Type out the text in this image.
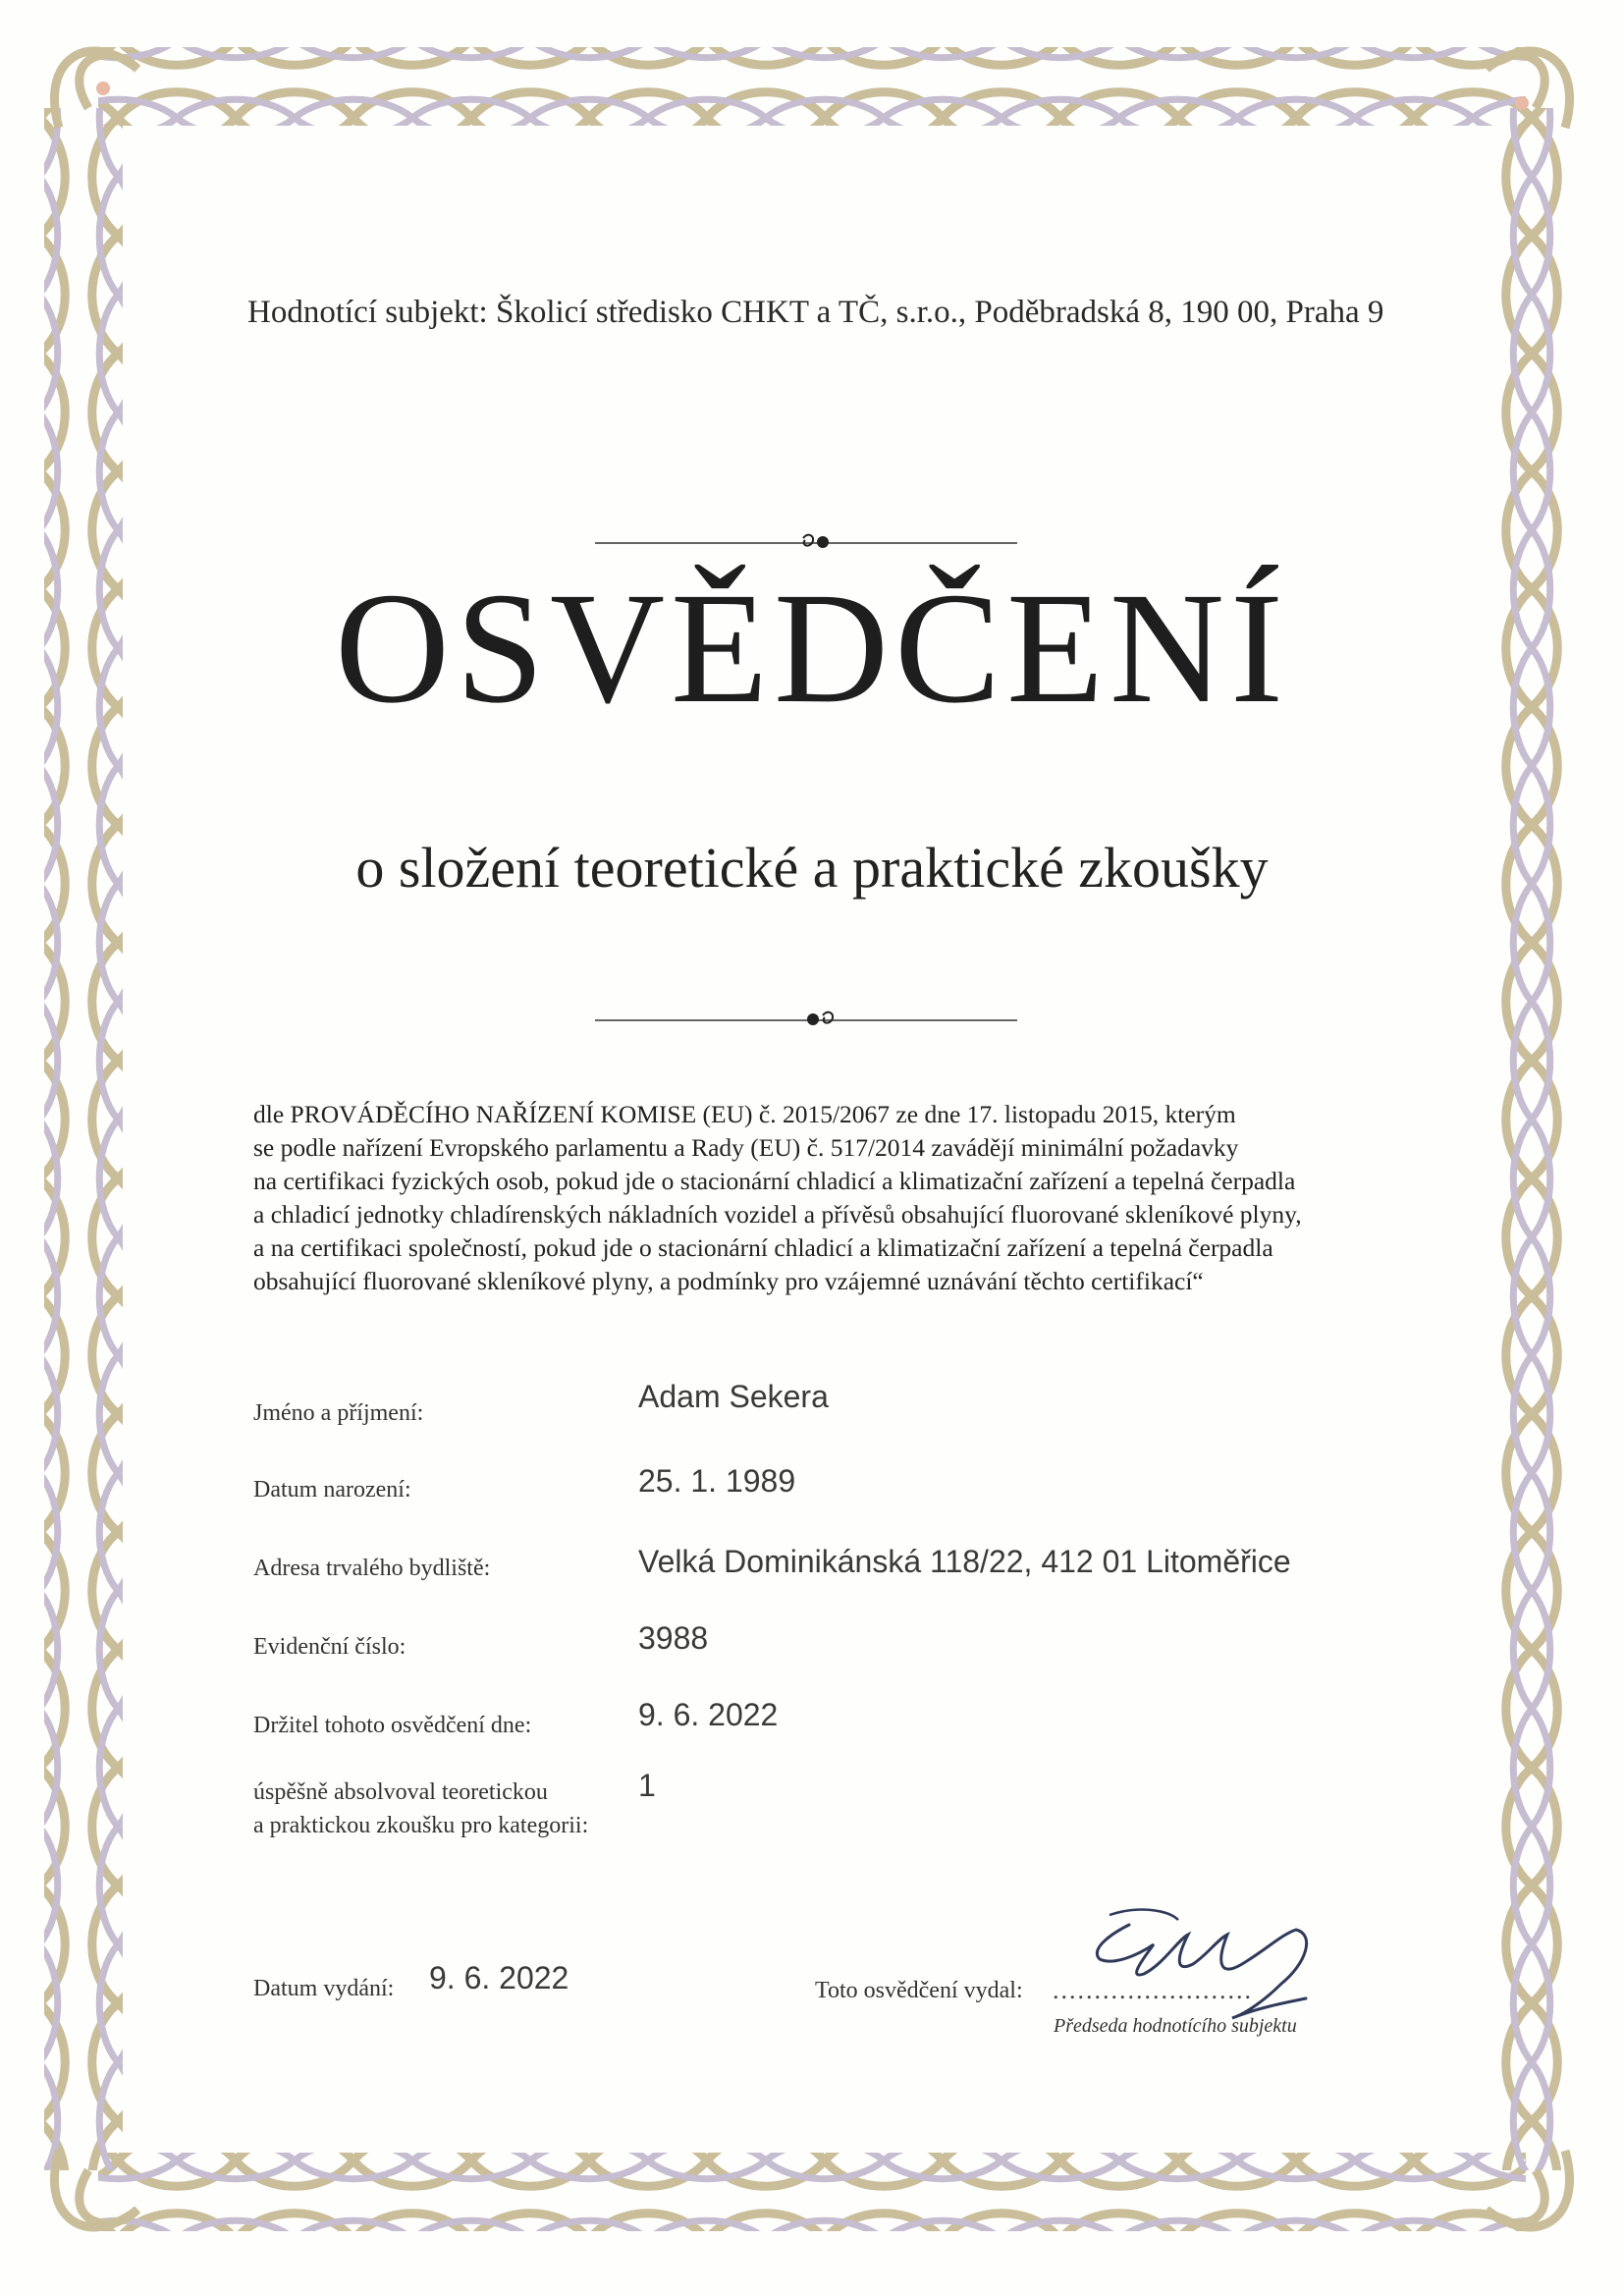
Hodnotící subjekt: Školicí středisko CHKT a TČ, s.r.o., Poděbradská 8, 190 00, Praha 9
OSVĚDČENÍ
o složení teoretické a praktické zkoušky

dle PROVÁDĚCÍHO NAŘÍZENÍ KOMISE (EU) č. 2015/2067 ze dne 17. listopadu 2015, kterým

se podle nařízení Evropského parlamentu a Rady (EU) č. 517/2014 zavádějí minimální požadavky

na certifikaci fyzických osob, pokud jde o stacionární chladicí a klimatizační zařízení a tepelná čerpadla

a chladicí jednotky chladírenských nákladních vozidel a přívěsů obsahující fluorované skleníkové plyny,

a na certifikaci společností, pokud jde o stacionární chladicí a klimatizační zařízení a tepelná čerpadla

obsahující fluorované skleníkové plyny, a podmínky pro vzájemné uznávání těchto certifikací“

Jméno a příjmení:	Adam Sekera
Datum narození:	25. 1. 1989
Adresa trvalého bydliště:	Velká Dominikánská 118/22, 412 01 Litoměřice
Evidenční číslo:	3988
Držitel tohoto osvědčení dne:	9. 6. 2022
úspěšně absolvoval teoretickou
a praktickou zkoušku pro kategorii:
1
Datum vydání: 9. 6. 2022	Toto osvědčení vydal: ........................
Předseda hodnotícího subjektu
